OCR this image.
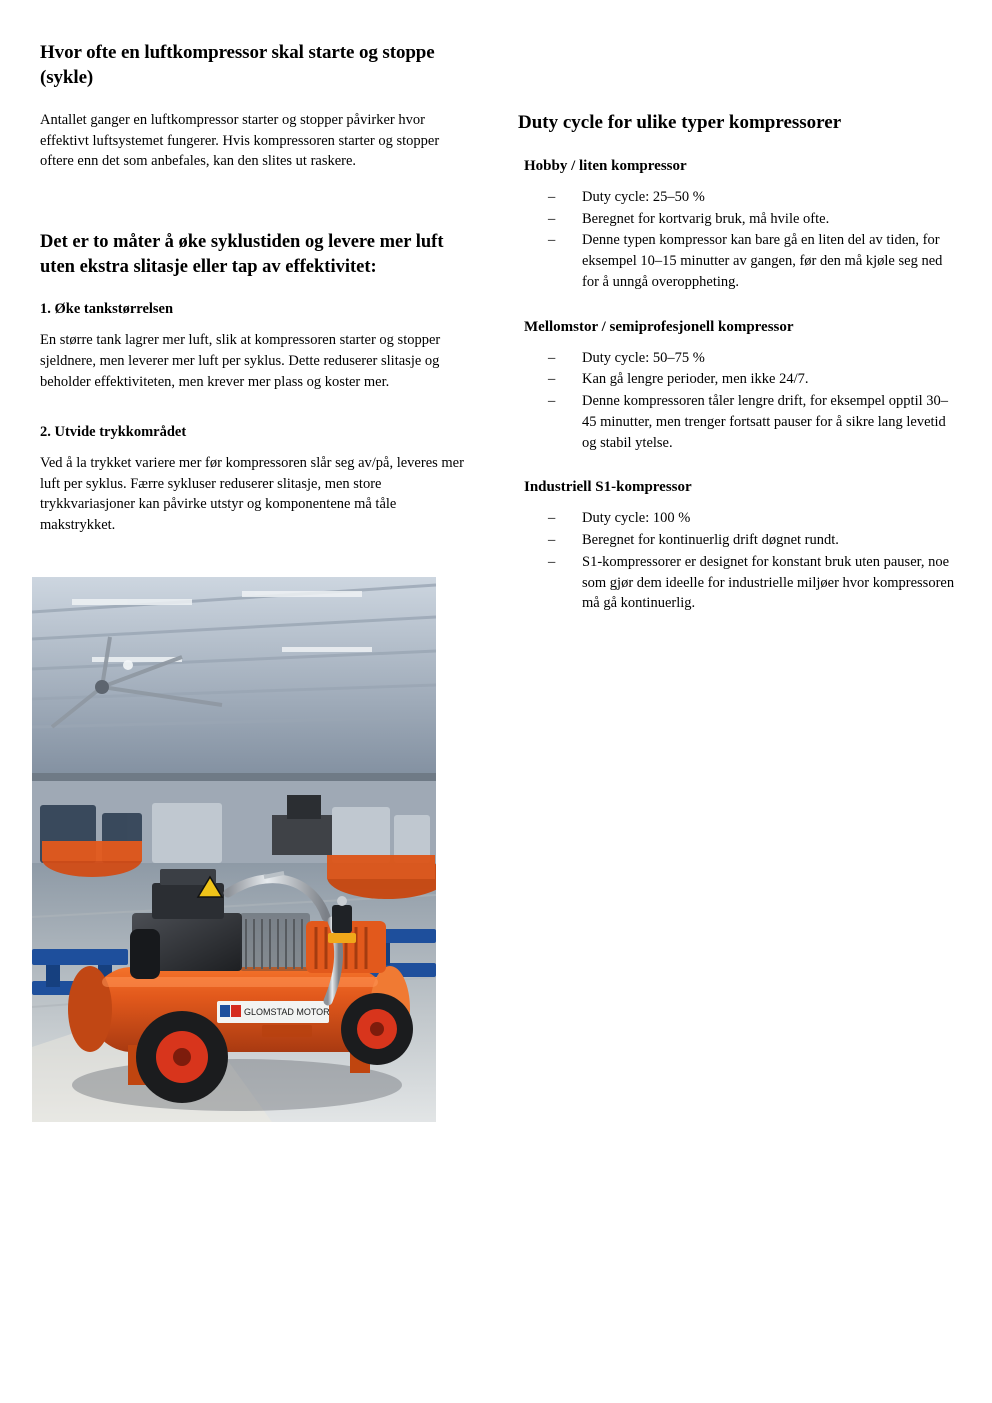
Hvor ofte en luftkompressor skal starte og stoppe (sykle)

Antallet ganger en luftkompressor starter og stopper påvirker hvor effektivt luftsystemet fungerer. Hvis kompressoren starter og stopper oftere enn det som anbefales, kan den slites ut raskere.

Det er to måter å øke syklustiden og levere mer luft uten ekstra slitasje eller tap av effektivitet:
1. Øke tankstørrelsen

En større tank lagrer mer luft, slik at kompressoren starter og stopper sjeldnere, men leverer mer luft per syklus. Dette reduserer slitasje og beholder effektiviteten, men krever mer plass og koster mer.

2. Utvide trykkområdet

Ved å la trykket variere mer før kompressoren slår seg av/på, leveres mer luft per syklus. Færre sykluser reduserer slitasje, men store trykkvariasjoner kan påvirke utstyr og komponentene må tåle makstrykket.

Duty cycle for ulike typer kompressorer
Hobby / liten kompressor
– Duty cycle: 25–50 %
– Beregnet for kortvarig bruk, må hvile ofte.
– Denne typen kompressor kan bare gå en liten del av tiden, for eksempel 10–15 minutter av gangen, før den må kjøle seg ned for å unngå overoppheting.
Mellomstor / semiprofesjonell kompressor
– Duty cycle: 50–75 %
– Kan gå lengre perioder, men ikke 24/7.
– Denne kompressoren tåler lengre drift, for eksempel opptil 30–45 minutter, men trenger fortsatt pauser for å sikre lang levetid og stabil ytelse.
Industriell S1-kompressor
– Duty cycle: 100 %
– Beregnet for kontinuerlig drift døgnet rundt.
– S1-kompressorer er designet for konstant bruk uten pauser, noe som gjør dem ideelle for industrielle miljøer hvor kompressoren må gå kontinuerlig.
GLOMSTAD MOTOR
